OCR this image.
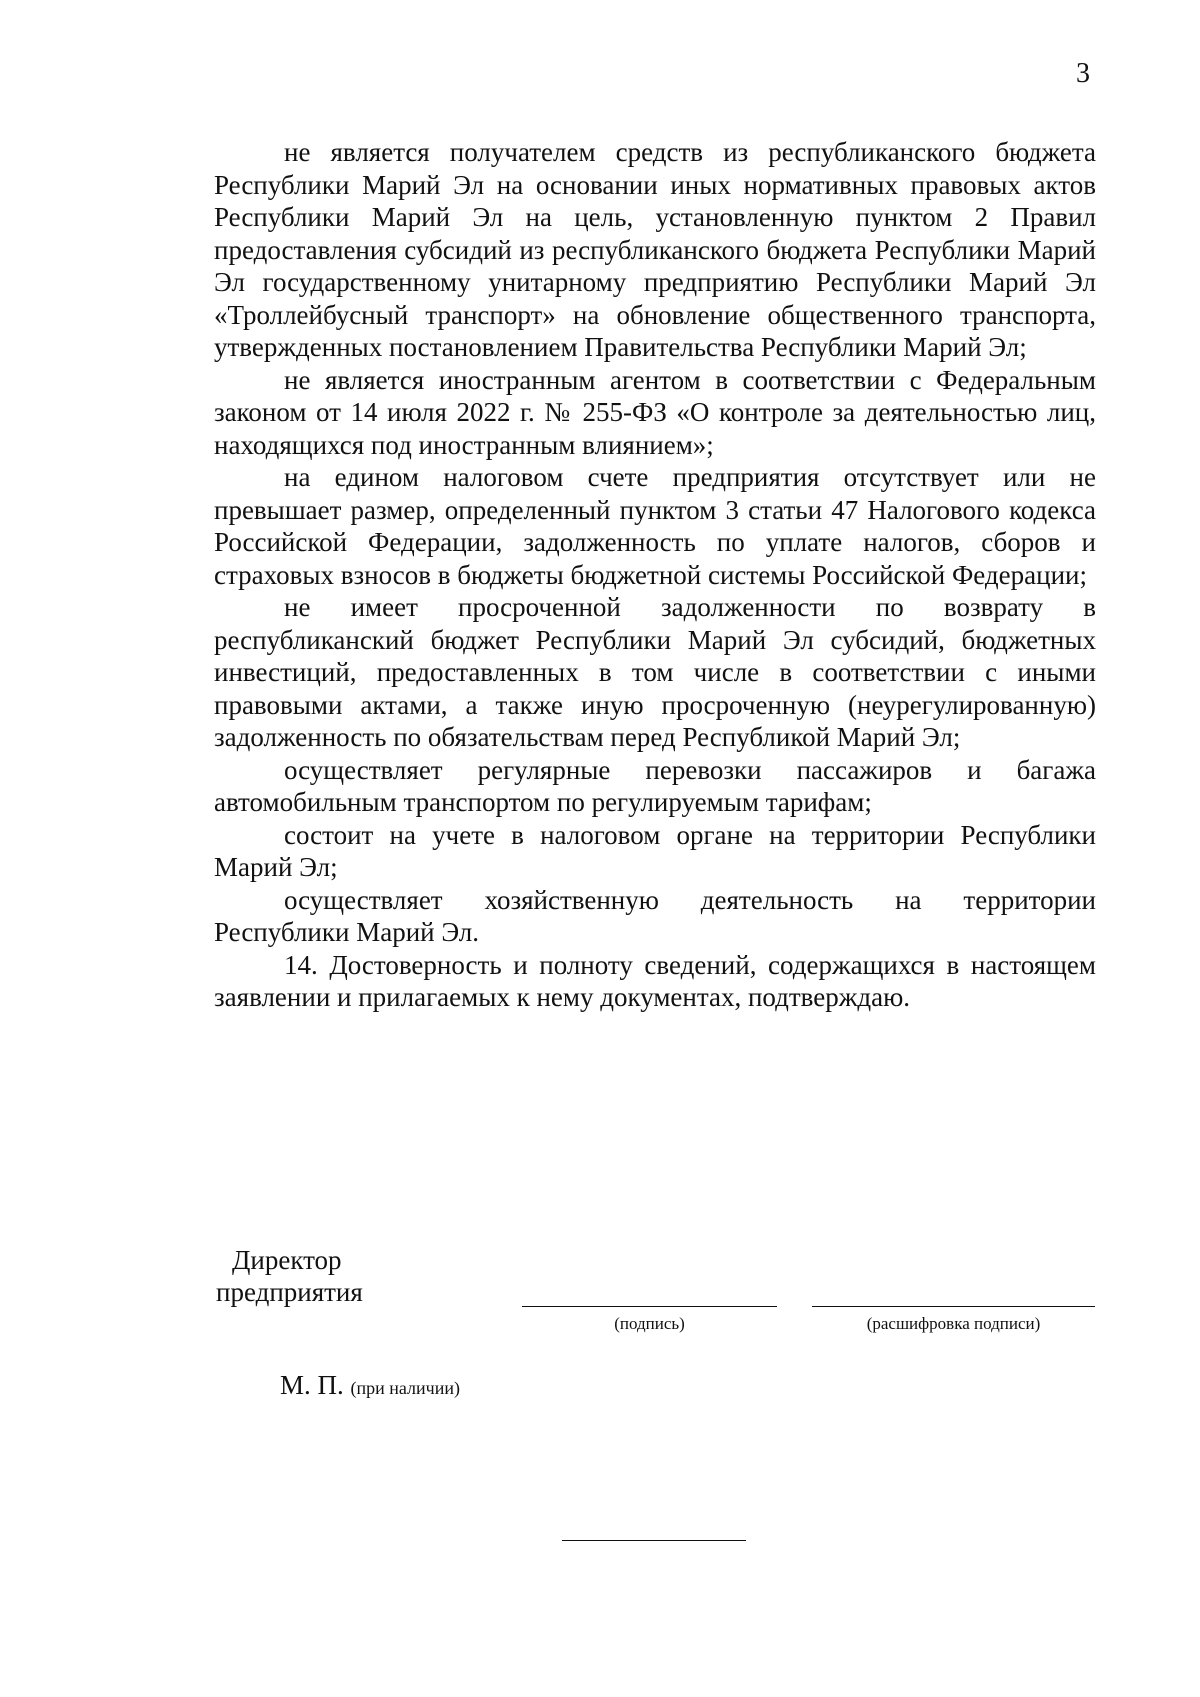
3

не является получателем средств из республиканского бюджета Республики Марий Эл на основании иных нормативных правовых актов Республики Марий Эл на цель, установленную пунктом 2 Правил предоставления субсидий из республиканского бюджета Республики Марий Эл государственному унитарному предприятию Республики Марий Эл «Троллейбусный транспорт» на обновление общественного транспорта, утвержденных постановлением Правительства Республики Марий Эл;

не является иностранным агентом в соответствии с Федеральным законом от 14 июля 2022 г. № 255-ФЗ «О контроле за деятельностью лиц, находящихся под иностранным влиянием»;

на едином налоговом счете предприятия отсутствует или не превышает размер, определенный пунктом 3 статьи 47 Налогового кодекса Российской Федерации, задолженность по уплате налогов, сборов и страховых взносов в бюджеты бюджетной системы Российской Федерации;

не имеет просроченной задолженности по возврату в республиканский бюджет Республики Марий Эл субсидий, бюджетных инвестиций, предоставленных в том числе в соответствии с иными правовыми актами, а также иную просроченную (неурегулированную) задолженность по обязательствам перед Республикой Марий Эл;

осуществляет регулярные перевозки пассажиров и багажа автомобильным транспортом по регулируемым тарифам;

состоит на учете в налоговом органе на территории Республики Марий Эл;

осуществляет хозяйственную деятельность на территории Республики Марий Эл.

14. Достоверность и полноту сведений, содержащихся в настоящем заявлении и прилагаемых к нему документах, подтверждаю.

Директор
предприятия
(подпись)	(расшифровка подписи)
М. П. (при наличии)
